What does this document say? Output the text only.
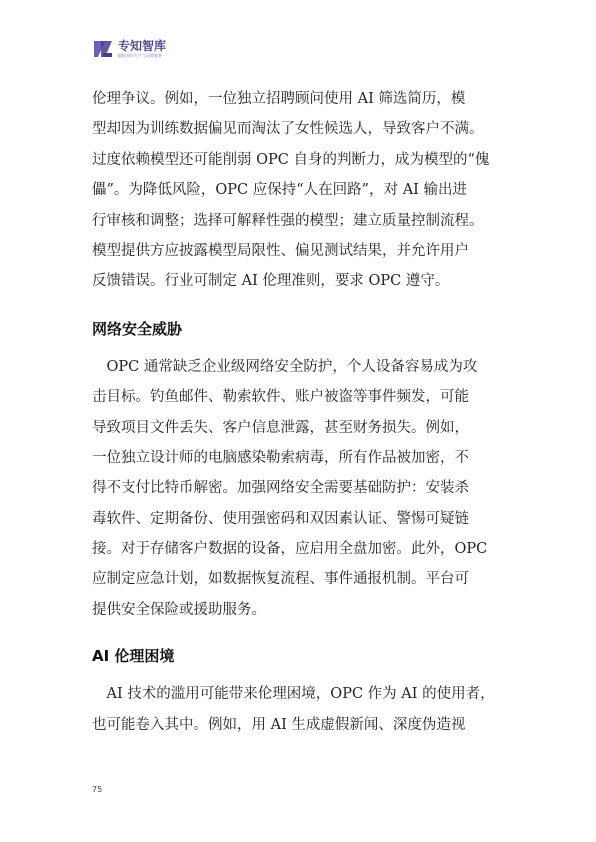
专知智库
赋能知识生产与决策服务

伦理争议。例如，一位独立招聘顾问使用 AI 筛选简历，模

型却因为训练数据偏见而淘汰了女性候选人，导致客户不满。

过度依赖模型还可能削弱 OPC 自身的判断力，成为模型的“傀

儡”。为降低风险，OPC 应保持“人在回路”，对 AI 输出进

行审核和调整；选择可解释性强的模型；建立质量控制流程。

模型提供方应披露模型局限性、偏见测试结果，并允许用户

反馈错误。行业可制定 AI 伦理准则，要求 OPC 遵守。

网络安全威胁

　OPC 通常缺乏企业级网络安全防护，个人设备容易成为攻

击目标。钓鱼邮件、勒索软件、账户被盗等事件频发，可能

导致项目文件丢失、客户信息泄露，甚至财务损失。例如，

一位独立设计师的电脑感染勒索病毒，所有作品被加密，不

得不支付比特币解密。加强网络安全需要基础防护：安装杀

毒软件、定期备份、使用强密码和双因素认证、警惕可疑链

接。对于存储客户数据的设备，应启用全盘加密。此外，OPC

应制定应急计划，如数据恢复流程、事件通报机制。平台可

提供安全保险或援助服务。

AI 伦理困境

　AI 技术的滥用可能带来伦理困境，OPC 作为 AI 的使用者，

也可能卷入其中。例如，用 AI 生成虚假新闻、深度伪造视

75
